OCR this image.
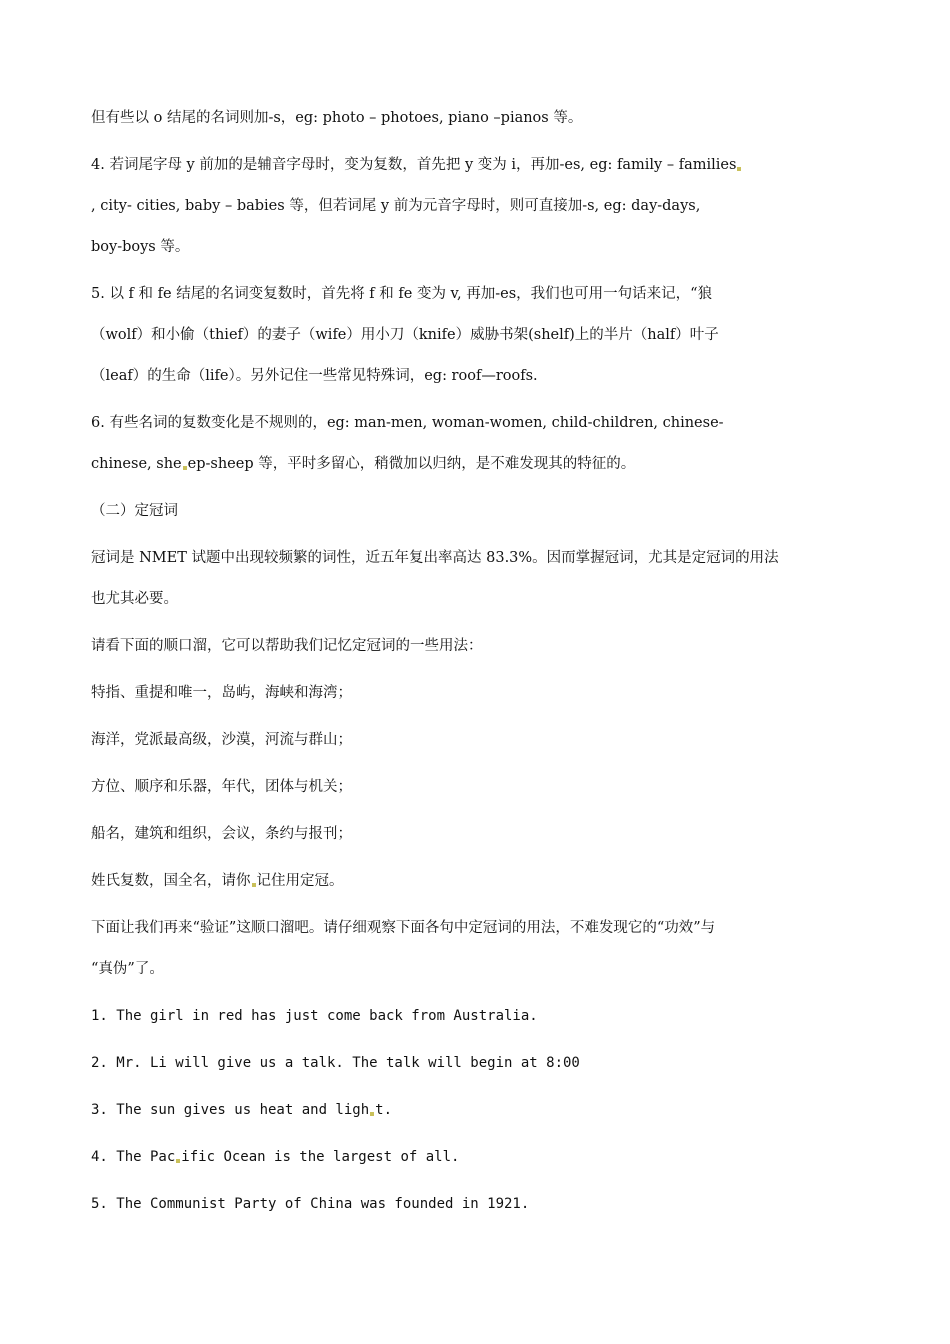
但有些以 o 结尾的名词则加-s，eg: photo – photoes, piano –pianos 等。

4. 若词尾字母 y 前加的是辅音字母时，变为复数，首先把 y 变为 i，再加-es, eg: family – families

, city- cities, baby – babies 等，但若词尾 y 前为元音字母时，则可直接加-s, eg: day-days,

boy-boys 等。

5. 以 f 和 fe 结尾的名词变复数时，首先将 f 和 fe 变为 v, 再加-es，我们也可用一句话来记，“狼

（wolf）和小偷（thief）的妻子（wife）用小刀（knife）威胁书架(shelf)上的半片（half）叶子

（leaf）的生命（life）。另外记住一些常见特殊词，eg: roof—roofs.

6. 有些名词的复数变化是不规则的，eg: man-men, woman-women, child-children, chinese-

chinese, she ep-sheep 等，平时多留心，稍微加以归纳，是不难发现其的特征的。

（二）定冠词

冠词是 NMET 试题中出现较频繁的词性，近五年复出率高达 83.3%。因而掌握冠词，尤其是定冠词的用法

也尤其必要。

请看下面的顺口溜，它可以帮助我们记忆定冠词的一些用法：

特指、重提和唯一，岛屿，海峡和海湾；

海洋，党派最高级，沙漠，河流与群山；

方位、顺序和乐器，年代，团体与机关；

船名，建筑和组织，会议，条约与报刊；

姓氏复数，国全名，请你 记住用定冠。

下面让我们再来“验证”这顺口溜吧。请仔细观察下面各句中定冠词的用法，不难发现它的“功效”与

“真伪”了。

1. The girl in red has just come back from Australia.

2. Mr. Li will give us a talk. The talk will begin at 8:00

3. The sun gives us heat and ligh t.

4. The Pac ific Ocean is the largest of all.

5. The Communist Party of China was founded in 1921.
